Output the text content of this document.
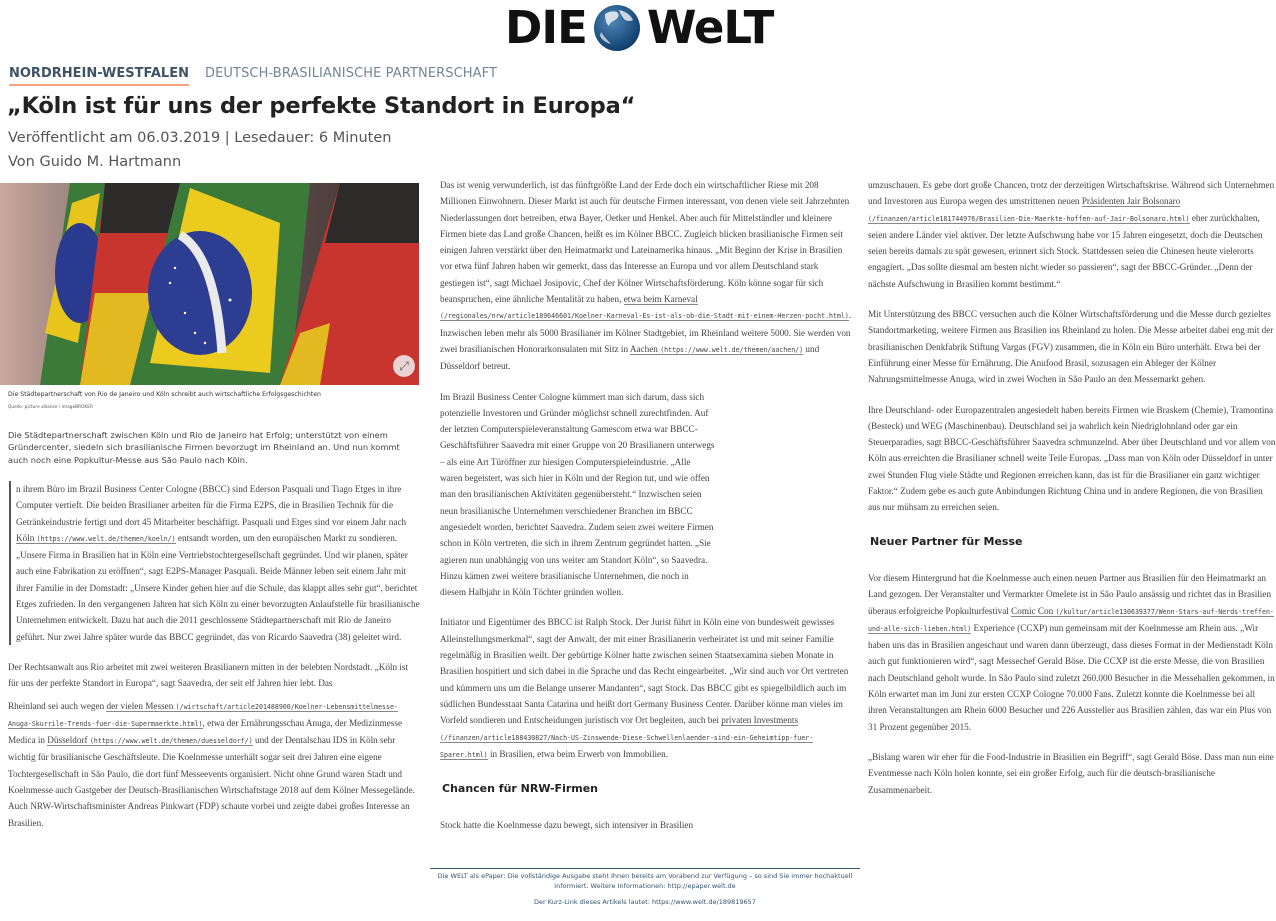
DIE WeLT
NORDRHEIN-WESTFALEN DEUTSCH-BRASILIANISCHE PARTNERSCHAFT
„Köln ist für uns der perfekte Standort in Europa“
Veröffentlicht am 06.03.2019 | Lesedauer: 6 Minuten
Von Guido M. Hartmann
⤢
Die Städtepartnerschaft von Rio de Janeiro und Köln schreibt auch wirtschaftliche Erfolgsgeschichten
Quelle: picture alliance / imageBROKER
Die Städtepartnerschaft zwischen Köln und Rio de Janeiro hat Erfolg; unterstützt von einem Gründercenter, siedeln sich brasilianische Firmen bevorzugt im Rheinland an. Und nun kommt auch noch eine Popkultur-Messe aus São Paulo nach Köln.

n ihrem Büro im Brazil Business Center Cologne (BBCC) sind Ederson Pasquali und Tiago Etges in ihre Computer vertieft. Die beiden Brasilianer arbeiten für die Firma E2PS, die in Brasilien Technik für die Getränkeindustrie fertigt und dort 45 Mitarbeiter beschäftigt. Pasquali und Etges sind vor einem Jahr nach Köln (https://www.welt.de/themen/koeln/) entsandt worden, um den europäischen Markt zu sondieren. „Unsere Firma in Brasilien hat in Köln eine Vertriebstochtergesellschaft gegründet. Und wir planen, später auch eine Fabrikation zu eröffnen“, sagt E2PS-Manager Pasquali. Beide Männer leben seit einem Jahr mit ihrer Familie in der Domstadt: „Unsere Kinder gehen hier auf die Schule, das klappt alles sehr gut“, berichtet Etges zufrieden. In den vergangenen Jahren hat sich Köln zu einer bevorzugten Anlaufstelle für brasilianische Unternehmen entwickelt. Dazu hat auch die 2011 geschlossene Städtepartnerschaft mit Rio de Janeiro geführt. Nur zwei Jahre später wurde das BBCC gegründet, das von Ricardo Saavedra (38) geleitet wird.

Der Rechtsanwalt aus Rio arbeitet mit zwei weiteren Brasilianern mitten in der belebten Nordstadt. „Köln ist für uns der perfekte Standort in Europa“, sagt Saavedra, der seit elf Jahren hier lebt. Das

Rheinland sei auch wegen der vielen Messen (/wirtschaft/article201488900/Koelner-Lebensmittelmesse-Anuga-Skurrile-Trends-fuer-die-Supermaerkte.html), etwa der Ernährungsschau Anuga, der Medizinmesse Medica in Düsseldorf (https://www.welt.de/themen/duesseldorf/) und der Dentalschau IDS in Köln sehr wichtig für brasilianische Geschäftsleute. Die Koelnmesse unterhält sogar seit drei Jahren eine eigene Tochtergesellschaft in São Paulo, die dort fünf Messeevents organisiert. Nicht ohne Grund waren Stadt und Koelnmesse auch Gastgeber der Deutsch-Brasilianischen Wirtschaftstage 2018 auf dem Kölner Messegelände. Auch NRW-Wirtschaftsminister Andreas Pinkwart (FDP) schaute vorbei und zeigte dabei großes Interesse an Brasilien.

Das ist wenig verwunderlich, ist das fünftgrößte Land der Erde doch ein wirtschaftlicher Riese mit 208 Millionen Einwohnern. Dieser Markt ist auch für deutsche Firmen interessant, von denen viele seit Jahrzehnten Niederlassungen dort betreiben, etwa Bayer, Oetker und Henkel. Aber auch für Mittelständler und kleinere Firmen biete das Land große Chancen, heißt es im Kölner BBCC. Zugleich blicken brasilianische Firmen seit einigen Jahren verstärkt über den Heimatmarkt und Lateinamerika hinaus. „Mit Beginn der Krise in Brasilien vor etwa fünf Jahren haben wir gemerkt, dass das Interesse an Europa und vor allem Deutschland stark gestiegen ist“, sagt Michael Josipovic, Chef der Kölner Wirtschaftsförderung. Köln könne sogar für sich beanspruchen, eine ähnliche Mentalität zu haben, etwa beim Karneval (/regionales/nrw/article189646601/Koelner-Karneval-Es-ist-als-ob-die-Stadt-mit-einem-Herzen-pocht.html). Inzwischen leben mehr als 5000 Brasilianer im Kölner Stadtgebiet, im Rheinland weitere 5000. Sie werden von zwei brasilianischen Honorarkonsulaten mit Sitz in Aachen (https://www.welt.de/themen/aachen/) und Düsseldorf betreut.

Im Brazil Business Center Cologne kümmert man sich darum, dass sich potenzielle Investoren und Gründer möglichst schnell zurechtfinden. Auf der letzten Computerspieleveranstaltung Gamescom etwa war BBCC-Geschäftsführer Saavedra mit einer Gruppe von 20 Brasilianern unterwegs – als eine Art Türöffner zur hiesigen Computerspieleindustrie. „Alle waren begeistert, was sich hier in Köln und der Region tut, und wie offen man den brasilianischen Aktivitäten gegenübersteht.“ Inzwischen seien neun brasilianische Unternehmen verschiedener Branchen im BBCC angesiedelt worden, berichtet Saavedra. Zudem seien zwei weitere Firmen schon in Köln vertreten, die sich in ihrem Zentrum gegründet hatten. „Sie agieren nun unabhängig von uns weiter am Standort Köln“, so Saavedra. Hinzu kämen zwei weitere brasilianische Unternehmen, die noch in diesem Halbjahr in Köln Töchter gründen wollen.

Initiator und Eigentümer des BBCC ist Ralph Stock. Der Jurist führt in Köln eine von bundesweit gewisses Alleinstellungsmerkmal“, sagt der Anwalt, der mit einer Brasilianerin verheiratet ist und mit seiner Familie regelmäßig in Brasilien weilt. Der gebürtige Kölner hatte zwischen seinen Staatsexamina sieben Monate in Brasilien hospitiert und sich dabei in die Sprache und das Recht eingearbeitet. „Wir sind auch vor Ort vertreten und kümmern uns um die Belange unserer Mandanten“, sagt Stock. Das BBCC gibt es spiegelbildlich auch im südlichen Bundesstaat Santa Catarina und heißt dort Germany Business Center. Darüber könne man vieles im Vorfeld sondieren und Entscheidungen juristisch vor Ort begleiten, auch bei privaten Investments (/finanzen/article188430827/Nach-US-Zinswende-Diese-Schwellenlaender-sind-ein-Geheimtipp-fuer-Sparer.html) in Brasilien, etwa beim Erwerb von Immobilien.

Chancen für NRW-Firmen

Stock hatte die Koelnmesse dazu bewegt, sich intensiver in Brasilien

umzuschauen. Es gebe dort große Chancen, trotz der derzeitigen Wirtschaftskrise. Während sich Unternehmen und Investoren aus Europa wegen des umstrittenen neuen Präsidenten Jair Bolsonaro (/finanzen/article181744976/Brasilien-Die-Maerkte-hoffen-auf-Jair-Bolsonaro.html) eher zurückhalten, seien andere Länder viel aktiver. Der letzte Aufschwung habe vor 15 Jahren eingesetzt, doch die Deutschen seien bereits damals zu spät gewesen, erinnert sich Stock. Stattdessen seien die Chinesen heute vielerorts engagiert. „Das sollte diesmal am besten nicht wieder so passieren“, sagt der BBCC-Gründer. „Denn der nächste Aufschwung in Brasilien kommt bestimmt.“

Mit Unterstützung des BBCC versuchen auch die Kölner Wirtschaftsförderung und die Messe durch gezieltes Standortmarketing, weitere Firmen aus Brasilien ins Rheinland zu holen. Die Messe arbeitet dabei eng mit der brasilianischen Denkfabrik Stiftung Vargas (FGV) zusammen, die in Köln ein Büro unterhält. Etwa bei der Einführung einer Messe für Ernährung. Die Anufood Brasil, sozusagen ein Ableger der Kölner Nahrungsmittelmesse Anuga, wird in zwei Wochen in São Paulo an den Messemarkt gehen.

Ihre Deutschland- oder Europazentralen angesiedelt haben bereits Firmen wie Braskem (Chemie), Tramontina (Besteck) und WEG (Maschinenbau). Deutschland sei ja wahrlich kein Niedriglohnland oder gar ein Steuerparadies, sagt BBCC-Geschäftsführer Saavedra schmunzelnd. Aber über Deutschland und vor allem von Köln aus erreichten die Brasilianer schnell weite Teile Europas. „Dass man von Köln oder Düsseldorf in unter zwei Stunden Flug viele Städte und Regionen erreichen kann, das ist für die Brasilianer ein ganz wichtiger Faktor.“ Zudem gebe es auch gute Anbindungen Richtung China und in andere Regionen, die von Brasilien aus nur mühsam zu erreichen seien.

Neuer Partner für Messe

Vor diesem Hintergrund hat die Koelnmesse auch einen neuen Partner aus Brasilien für den Heimatmarkt an Land gezogen. Der Veranstalter und Vermarkter Omelete ist in São Paulo ansässig und richtet das in Brasilien überaus erfolgreiche Popkulturfestival Comic Con (/kultur/article130639377/Wenn-Stars-auf-Nerds-treffen-und-alle-sich-lieben.html) Experience (CCXP) nun gemeinsam mit der Koelnmesse am Rhein aus. „Wir haben uns das in Brasilien angeschaut und waren dann überzeugt, dass dieses Format in der Medienstadt Köln auch gut funktionieren wird“, sagt Messechef Gerald Böse. Die CCXP ist die erste Messe, die von Brasilien nach Deutschland geholt wurde. In São Paulo sind zuletzt 260.000 Besucher in die Messehallen gekommen, in Köln erwartet man im Juni zur ersten CCXP Cologne 70.000 Fans. Zuletzt konnte die Koelnmesse bei all ihren Veranstaltungen am Rhein 6000 Besucher und 226 Aussteller aus Brasilien zählen, das war ein Plus von 31 Prozent gegenüber 2015.

„Bislang waren wir eher für die Food-Industrie in Brasilien ein Begriff“, sagt Gerald Böse. Dass man nun eine Eventmesse nach Köln holen konnte, sei ein großer Erfolg, auch für die deutsch-brasilianische Zusammenarbeit.

Die WELT als ePaper: Die vollständige Ausgabe steht Ihnen bereits am Vorabend zur Verfügung – so sind Sie immer hochaktuell informiert. Weitere Informationen: http://epaper.welt.de
Der Kurz-Link dieses Artikels lautet: https://www.welt.de/189819657
